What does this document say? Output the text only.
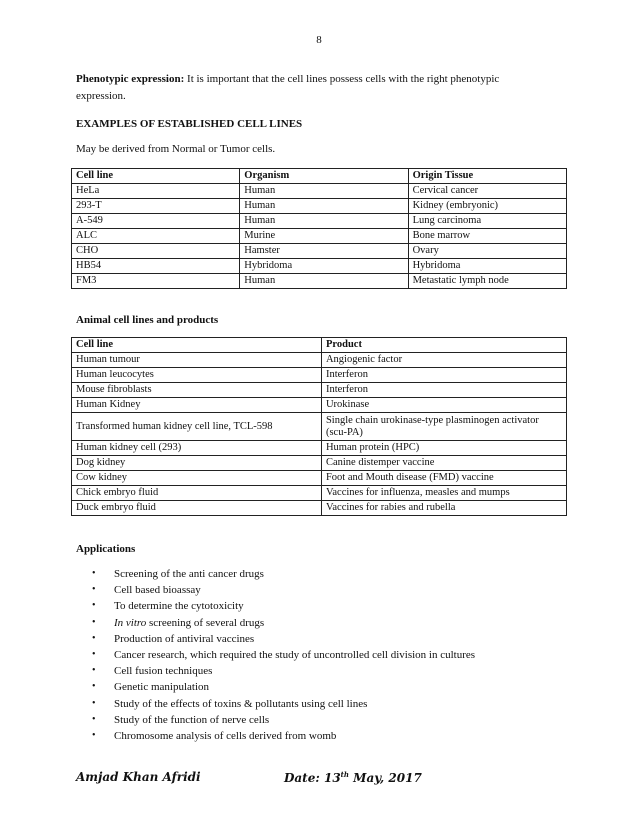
8

Phenotypic expression: It is important that the cell lines possess cells with the right phenotypic expression.

EXAMPLES OF ESTABLISHED CELL LINES

May be derived from Normal or Tumor cells.

Cell line	Organism	Origin Tissue
HeLa	Human	Cervical cancer
293-T	Human	Kidney (embryonic)
A-549	Human	Lung carcinoma
ALC	Murine	Bone marrow
CHO	Hamster	Ovary
HB54	Hybridoma	Hybridoma
FM3	Human	Metastatic lymph node

Animal cell lines and products

Cell line	Product
Human tumour	Angiogenic factor
Human leucocytes	Interferon
Mouse fibroblasts	Interferon
Human Kidney	Urokinase
Transformed human kidney cell line, TCL-598	Single chain urokinase-type plasminogen activator (scu-PA)
Human kidney cell (293)	Human protein (HPC)
Dog kidney	Canine distemper vaccine
Cow kidney	Foot and Mouth disease (FMD) vaccine
Chick embryo fluid	Vaccines for influenza, measles and mumps
Duck embryo fluid	Vaccines for rabies and rubella

Applications

• Screening of the anti cancer drugs
• Cell based bioassay
• To determine the cytotoxicity
• In vitro screening of several drugs
• Production of antiviral vaccines
• Cancer research, which required the study of uncontrolled cell division in cultures
• Cell fusion techniques
• Genetic manipulation
• Study of the effects of toxins & pollutants using cell lines
• Study of the function of nerve cells
• Chromosome analysis of cells derived from womb
Amjad Khan Afridi	Date: 13th May, 2017
